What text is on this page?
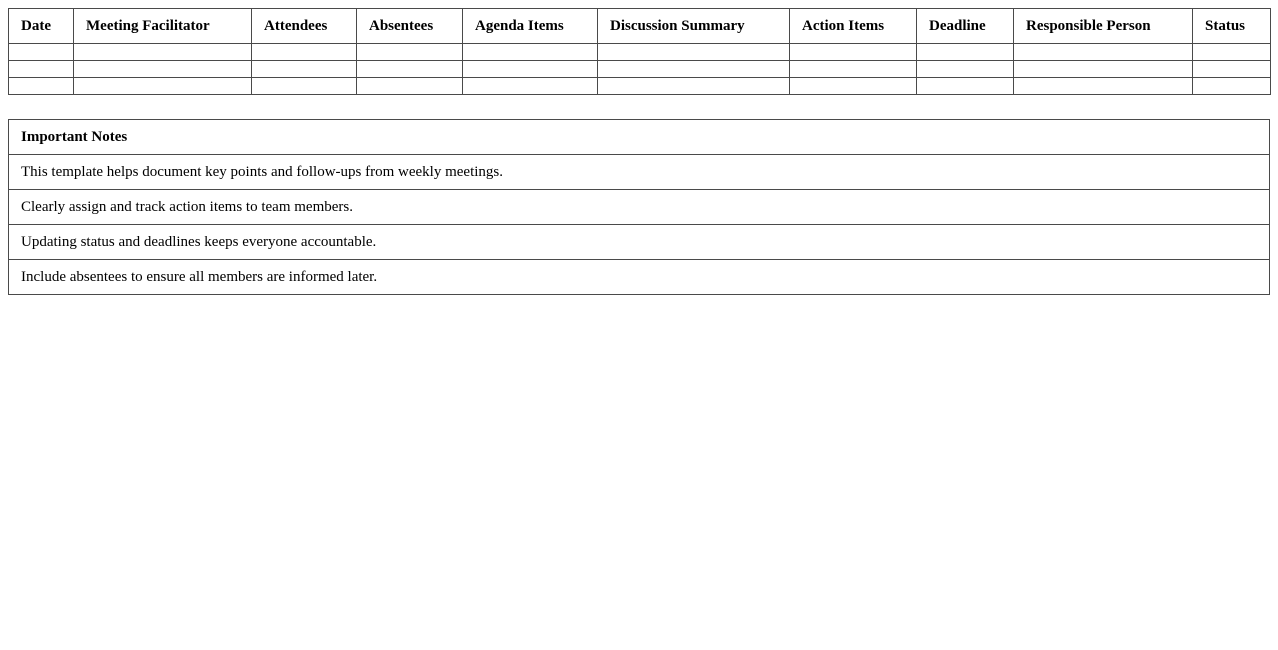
Date	Meeting Facilitator	Attendees	Absentees	Agenda Items	Discussion Summary	Action Items	Deadline	Responsible Person	Status

Important Notes
This template helps document key points and follow-ups from weekly meetings.
Clearly assign and track action items to team members.
Updating status and deadlines keeps everyone accountable.
Include absentees to ensure all members are informed later.
